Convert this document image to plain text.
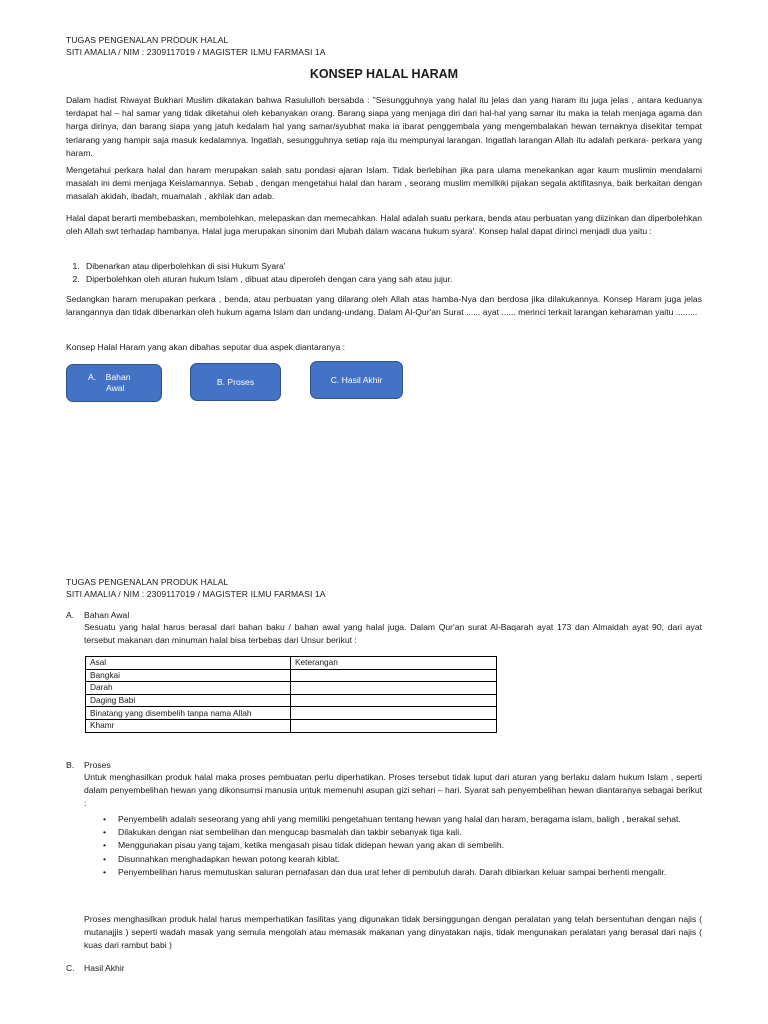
TUGAS PENGENALAN PRODUK HALAL
SITI AMALIA / NIM : 2309117019 / MAGISTER ILMU FARMASI 1A
KONSEP HALAL HARAM

Dalam hadist Riwayat Bukhari Muslim dikatakan bahwa Rasululloh bersabda : "Sesungguhnya yang halal itu jelas dan yang haram itu juga jelas , antara keduanya terdapat hal – hal samar yang tidak diketahui oleh kebanyakan orang. Barang siapa yang menjaga diri dari hal-hal yang samar itu maka ia telah menjaga agama dan harga dirinya, dan barang siapa yang jatuh kedalam hal yang samar/syubhat maka ia ibarat penggembala yang mengembalakan hewan ternaknya disekitar tempat terlarang yang hampir saja masuk kedalamnya. Ingatlah, sesungguhnya setiap raja itu mempunyai larangan. Ingatlah larangan Allah itu adalah perkara- perkara yang haram.

Mengetahui perkara halal dan haram merupakan salah satu pondasi ajaran Islam. Tidak berlebihan jika para ulama menekankan agar kaum muslimin mendalami masalah ini demi menjaga Keislamannya. Sebab , dengan mengetahui halal dan haram , seorang muslim memilkiki pijakan segala aktifitasnya, baik berkaitan dengan masalah akidah, ibadah, muamalah , akhlak dan adab.

Halal dapat berarti membebaskan, membolehkan, melepaskan dan memecahkan. Halal adalah suatu perkara, benda atau perbuatan yang diizinkan dan diperbolehkan oleh Allah swt terhadap hambanya. Halal juga merupakan sinonim dari Mubah dalam wacana hukum syara'. Konsep halal dapat dirinci menjadi dua yaitu :

1. Dibenarkan atau diperbolehkan di sisi Hukum Syara'
2. Diperbolehkan oleh aturan hukum Islam , dibuat atau diperoleh dengan cara yang sah atau jujur.

Sedangkan haram merupakan perkara , benda, atau perbuatan yang dilarang oleh Allah atas hamba-Nya dan berdosa jika dilakukannya. Konsep Haram juga jelas larangannya dan tidak dibenarkan oleh hukum agama Islam dan undang-undang. Dalam Al-Qur'an Surat ...... ayat ...... merinci terkait larangan keharaman yaitu .........

Konsep Halal Haram yang akan dibahas seputar dua aspek diantaranya :

A.    Bahan
Awal
B. Proses	C. Hasil Akhir
TUGAS PENGENALAN PRODUK HALAL
SITI AMALIA / NIM : 2309117019 / MAGISTER ILMU FARMASI 1A
A. Bahan Awal

Sesuatu yang halal harus berasal dari bahan baku / bahan awal yang halal juga. Dalam Qur'an surat Al-Baqarah ayat 173 dan Almaidah ayat 90, dari ayat tersebut makanan dan minuman halal bisa terbebas dari Unsur berikut :

Asal	Keterangan
Bangkai	
Darah	
Daging Babi	
Binatang yang disembelih tanpa nama Allah	
Khamr	
B. Proses

Untuk menghasilkan produk halal maka proses pembuatan perlu diperhatikan. Proses tersebut tidak luput dari aturan yang berlaku dalam hukum Islam , seperti dalam penyembelihan hewan yang dikonsumsi manusia untuk memenuhi asupan gizi sehari – hari. Syarat sah penyembelihan hewan diantaranya sebagai berikut :

• Penyembelih adalah seseorang yang ahli yang memiliki pengetahuan tentang hewan yang halal dan haram, beragama islam, baligh , berakal sehat.
• Dilakukan dengan niat sembelihan dan mengucap basmalah dan takbir sebanyak tiga kali.
• Menggunakan pisau yang tajam, ketika mengasah pisau tidak didepan hewan yang akan di sembelih.
• Disunnahkan menghadapkan hewan potong kearah kiblat.
• Penyembelihan harus memutuskan saluran pernafasan dan dua urat leher di pembuluh darah. Darah dibiarkan keluar sampai berhenti mengalir.

Proses menghasilkan produk halal harus memperhatikan fasilitas yang digunakan tidak bersinggungan dengan peralatan yang telah bersentuhan dengan najis ( mutanajjis ) seperti wadah masak yang semula mengolah atau memasak makanan yang dinyatakan najis, tidak mengunakan peralatan yang berasal dari najis ( kuas dari rambut babi )

C. Hasil Akhir
